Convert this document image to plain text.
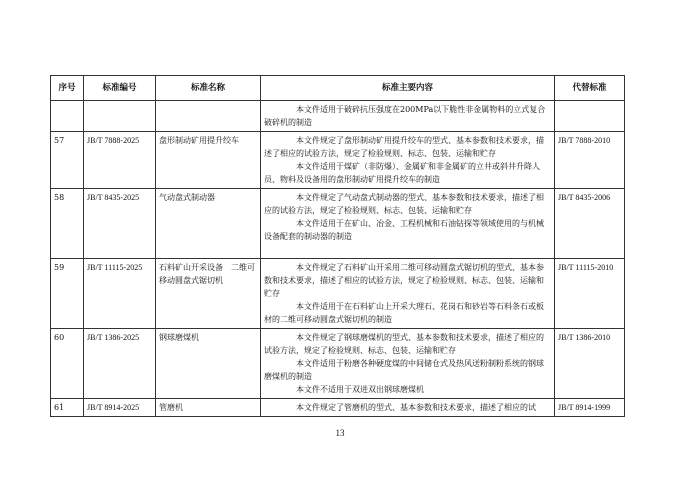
序号	标准编号	标准名称	标准主要内容	代替标准

			本文件适用于破碎抗压强度在200MPa以下脆性非金属物料的立式复合破碎机的制造	

57	JB/T 7888-2025	盘形制动矿用提升绞车	本文件规定了盘形制动矿用提升绞车的型式、基本参数和技术要求，描述了相应的试验方法，规定了检验规则、标志、包装、运输和贮存

本文件适用于煤矿（非防爆）、金属矿和非金属矿的立井或斜井升降人员、物料及设备用的盘形制动矿用提升绞车的制造	JB/T 7888-2010
58	JB/T 8435-2025	气动盘式制动器	本文件规定了气动盘式制动器的型式、基本参数和技术要求，描述了相应的试验方法，规定了检验规则、标志、包装、运输和贮存

本文件适用于在矿山、冶金、工程机械和石油钻探等领域使用的与机械设备配套的制动器的制造	JB/T 8435-2006
59	JB/T 11115-2025	石料矿山开采设备　二维可移动圆盘式锯切机	本文件规定了石料矿山开采用二维可移动圆盘式锯切机的型式、基本参数和技术要求，描述了相应的试验方法，规定了检验规则、标志、包装、运输和贮存

本文件适用于在石料矿山上开采大理石、花岗石和砂岩等石料条石或板材的二维可移动圆盘式锯切机的制造	JB/T 11115-2010
60	JB/T 1386-2025	钢球磨煤机	本文件规定了钢球磨煤机的型式、基本参数和技术要求，描述了相应的试验方法，规定了检验规则、标志、包装、运输和贮存

本文件适用于粉磨各种硬度煤的中间储仓式及热风送粉制粉系统的钢球磨煤机的制造

本文件不适用于双进双出钢球磨煤机	JB/T 1386-2010
61	JB/T 8914-2025	管磨机	本文件规定了管磨机的型式、基本参数和技术要求，描述了相应的试	JB/T 8914-1999
13
